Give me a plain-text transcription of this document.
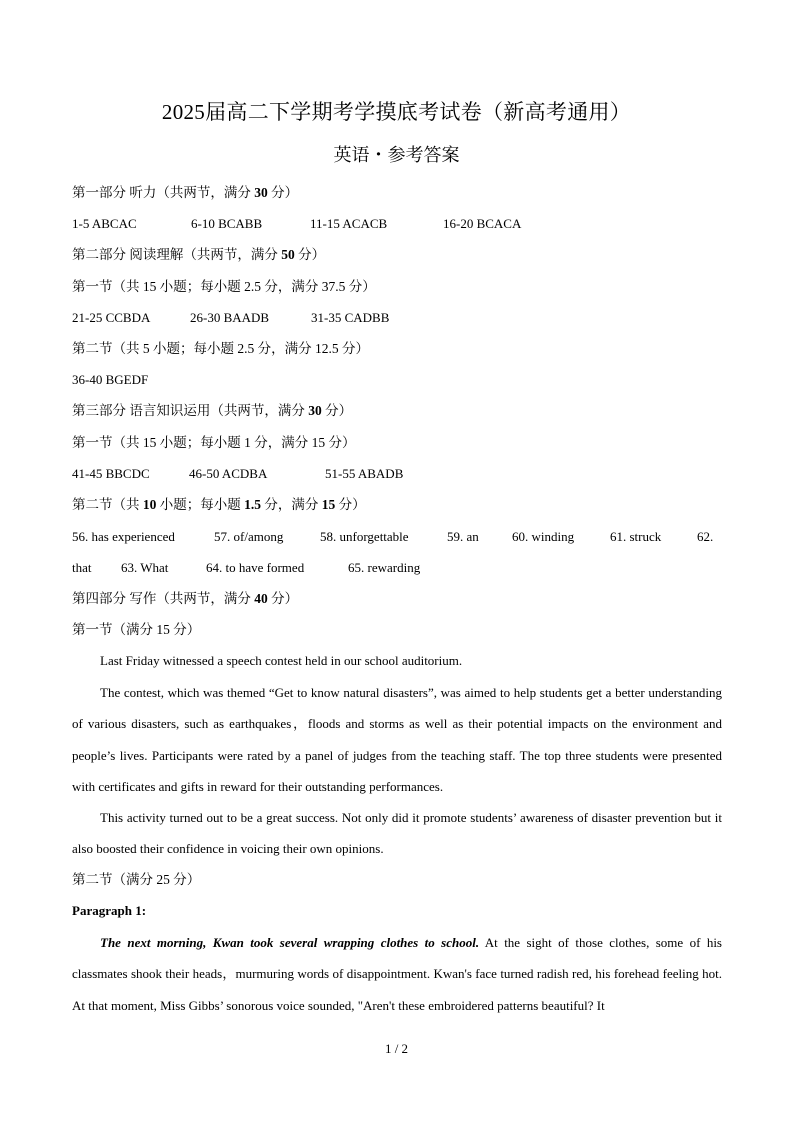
2025届高二下学期考学摸底考试卷（新高考通用）
英语・参考答案
第一部分 听力（共两节，满分 30 分）
1-5 ABCAC	6-10 BCABB	11-15 ACACB	16-20 BCACA
第二部分 阅读理解（共两节，满分 50 分）
第一节（共 15 小题；每小题 2.5 分，满分 37.5 分）
21-25 CCBDA	26-30 BAADB	31-35 CADBB
第二节（共 5 小题；每小题 2.5 分，满分 12.5 分）
36-40 BGEDF
第三部分 语言知识运用（共两节，满分 30 分）
第一节（共 15 小题；每小题 1 分，满分 15 分）
41-45 BBCDC	46-50 ACDBA	51-55 ABADB
第二节（共 10 小题；每小题 1.5 分，满分 15 分）
56. has experienced	57. of/among	58. unforgettable	59. an	60. winding	61. struck	62.
that 63. What	64. to have formed	65. rewarding
第四部分 写作（共两节，满分 40 分）
第一节（满分 15 分）

Last Friday witnessed a speech contest held in our school auditorium.

The contest, which was themed “Get to know natural disasters”, was aimed to help students get a better understanding of various disasters, such as earthquakes，floods and storms as well as their potential impacts on the environment and people’s lives. Participants were rated by a panel of judges from the teaching staff. The top three students were presented with certificates and gifts in reward for their outstanding performances.

This activity turned out to be a great success. Not only did it promote students’ awareness of disaster prevention but it also boosted their confidence in voicing their own opinions.

第二节（满分 25 分）
Paragraph 1:

The next morning, Kwan took several wrapping clothes to school. At the sight of those clothes, some of his classmates shook their heads，murmuring words of disappointment. Kwan's face turned radish red, his forehead feeling hot. At that moment, Miss Gibbs’ sonorous voice sounded, "Aren't these embroidered patterns beautiful? It

1 / 2
